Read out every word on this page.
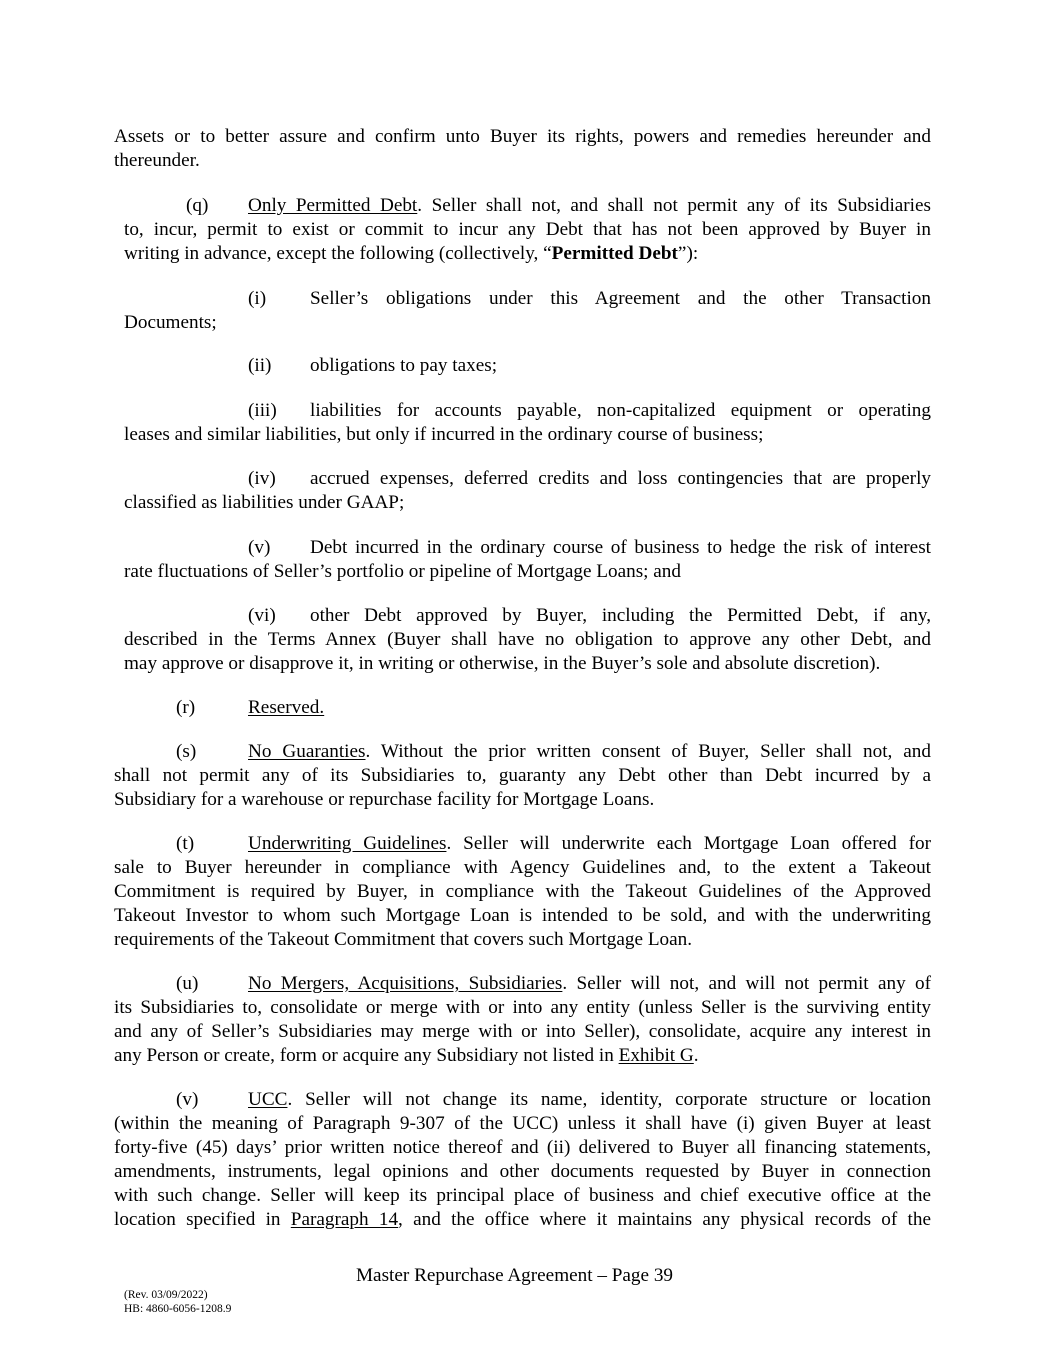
Assets or to better assure and confirm unto Buyer its rights, powers and remedies hereunder and
thereunder.
(q) Only Permitted Debt. Seller shall not, and shall not permit any of its Subsidiaries
to, incur, permit to exist or commit to incur any Debt that has not been approved by Buyer in
writing in advance, except the following (collectively, “Permitted Debt”):
(i) Seller’s obligations under this Agreement and the other Transaction
Documents;
(ii) obligations to pay taxes;
(iii) liabilities for accounts payable, non-capitalized equipment or operating
leases and similar liabilities, but only if incurred in the ordinary course of business;
(iv) accrued expenses, deferred credits and loss contingencies that are properly
classified as liabilities under GAAP;
(v) Debt incurred in the ordinary course of business to hedge the risk of interest
rate fluctuations of Seller’s portfolio or pipeline of Mortgage Loans; and
(vi) other Debt approved by Buyer, including the Permitted Debt, if any,
described in the Terms Annex (Buyer shall have no obligation to approve any other Debt, and
may approve or disapprove it, in writing or otherwise, in the Buyer’s sole and absolute discretion).
(r)	Reserved.
(s)	No Guaranties. Without the prior written consent of Buyer, Seller shall not, and
shall not permit any of its Subsidiaries to, guaranty any Debt other than Debt incurred by a
Subsidiary for a warehouse or repurchase facility for Mortgage Loans.
(t)	Underwriting Guidelines. Seller will underwrite each Mortgage Loan offered for
sale to Buyer hereunder in compliance with Agency Guidelines and, to the extent a Takeout
Commitment is required by Buyer, in compliance with the Takeout Guidelines of the Approved
Takeout Investor to whom such Mortgage Loan is intended to be sold, and with the underwriting
requirements of the Takeout Commitment that covers such Mortgage Loan.
(u)	No Mergers, Acquisitions, Subsidiaries. Seller will not, and will not permit any of
its Subsidiaries to, consolidate or merge with or into any entity (unless Seller is the surviving entity
and any of Seller’s Subsidiaries may merge with or into Seller), consolidate, acquire any interest in
any Person or create, form or acquire any Subsidiary not listed in Exhibit G.
(v)	UCC. Seller will not change its name, identity, corporate structure or location
(within the meaning of Paragraph 9-307 of the UCC) unless it shall have (i) given Buyer at least
forty-five (45) days’ prior written notice thereof and (ii) delivered to Buyer all financing statements,
amendments, instruments, legal opinions and other documents requested by Buyer in connection
with such change. Seller will keep its principal place of business and chief executive office at the
location specified in Paragraph 14, and the office where it maintains any physical records of the
Master Repurchase Agreement – Page 39
(Rev. 03/09/2022)
HB: 4860-6056-1208.9
